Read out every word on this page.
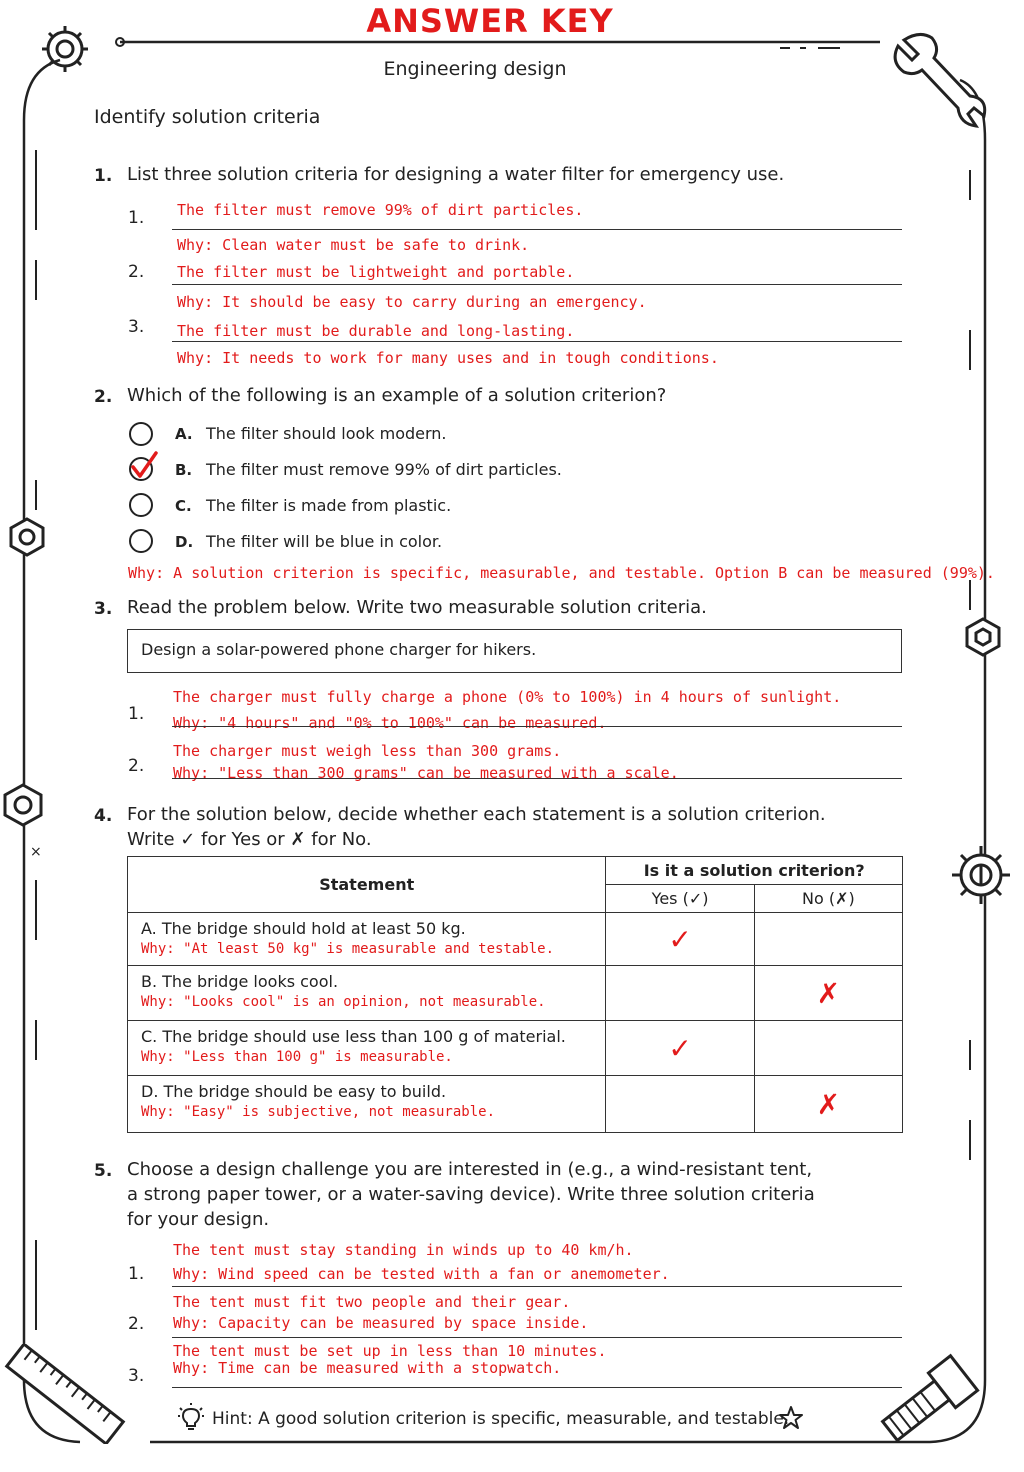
×
ANSWER KEY
Engineering design
Identify solution criteria
1. List three solution criteria for designing a water filter for emergency use.
1. The filter must remove 99% of dirt particles.
Why: Clean water must be safe to drink.
2. The filter must be lightweight and portable.
Why: It should be easy to carry during an emergency.
3. The filter must be durable and long-lasting.
Why: It needs to work for many uses and in tough conditions.
2. Which of the following is an example of a solution criterion?
A. The filter should look modern.
B. The filter must remove 99% of dirt particles.
C. The filter is made from plastic.
D. The filter will be blue in color.
Why: A solution criterion is specific, measurable, and testable. Option B can be measured (99%).
3. Read the problem below. Write two measurable solution criteria.
Design a solar-powered phone charger for hikers.
1.
The charger must fully charge a phone (0% to 100%) in 4 hours of sunlight.
Why: "4 hours" and "0% to 100%" can be measured.
2.
The charger must weigh less than 300 grams.
Why: "Less than 300 grams" can be measured with a scale.
4. For the solution below, decide whether each statement is a solution criterion.
Write ✓ for Yes or ✗ for No.
Statement	Is it a solution criterion?	
	Yes (✓)	No (✗)

A. The bridge should hold at least 50 kg.
Why: "At least 50 kg" is measurable and testable.	✓	

B. The bridge looks cool.
Why: "Looks cool" is an opinion, not measurable.		✗

C. The bridge should use less than 100 g of material.
Why: "Less than 100 g" is measurable.	✓	

D. The bridge should be easy to build.
Why: "Easy" is subjective, not measurable.		✗
5. Choose a design challenge you are interested in (e.g., a wind-resistant tent,
a strong paper tower, or a water-saving device). Write three solution criteria
for your design.
1.
The tent must stay standing in winds up to 40 km/h.
Why: Wind speed can be tested with a fan or anemometer.
2.
The tent must fit two people and their gear.
Why: Capacity can be measured by space inside.
3.
The tent must be set up in less than 10 minutes.
Why: Time can be measured with a stopwatch.
Hint: A good solution criterion is specific, measurable, and testable.
